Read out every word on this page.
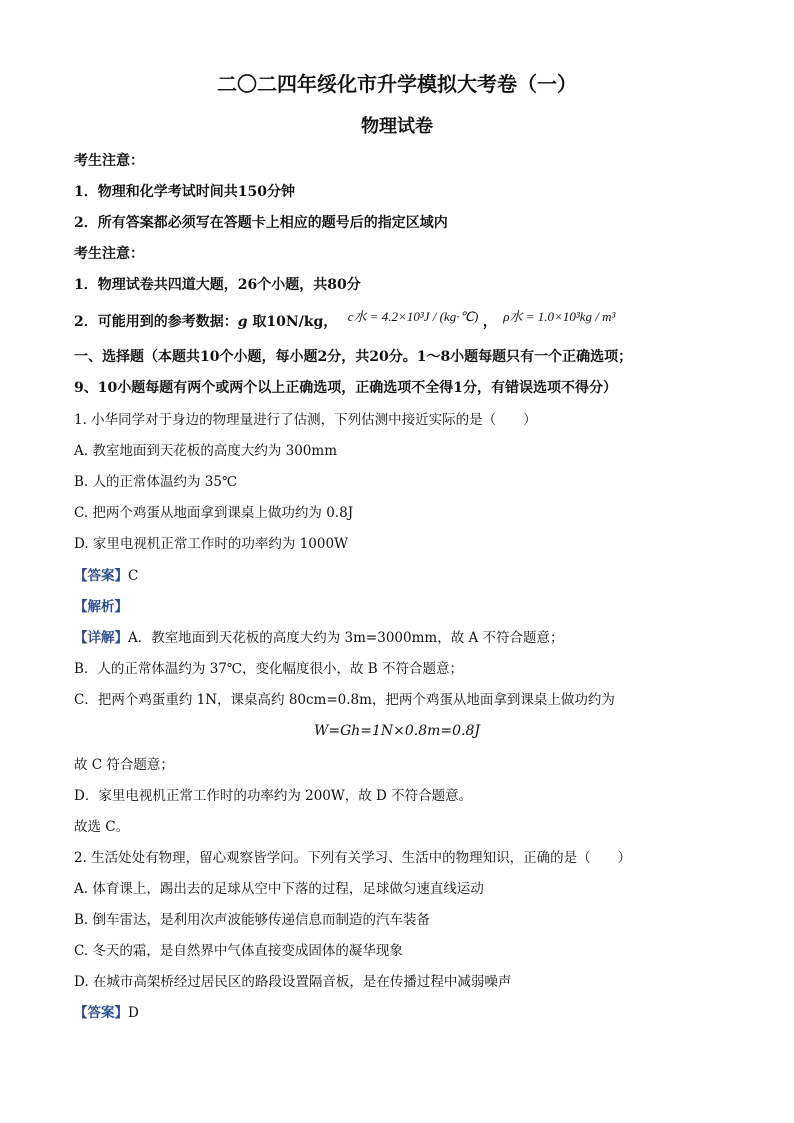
二〇二四年绥化市升学模拟大考卷（一）
物理试卷
考生注意：
1．物理和化学考试时间共150分钟
2．所有答案都必须写在答题卡上相应的题号后的指定区域内
考生注意：
1．物理试卷共四道大题，26个小题，共80分
2．可能用到的参考数据：g 取10N/kg， c水 = 4.2×10³J / (kg·℃) ， ρ水 = 1.0×10³kg / m³
一、选择题（本题共10个小题，每小题2分，共20分。1～8小题每题只有一个正确选项；
9、10小题每题有两个或两个以上正确选项，正确选项不全得1分，有错误选项不得分）
1. 小华同学对于身边的物理量进行了估测，下列估测中接近实际的是（　　）
A. 教室地面到天花板的高度大约为 300mm
B. 人的正常体温约为 35℃
C. 把两个鸡蛋从地面拿到课桌上做功约为 0.8J
D. 家里电视机正常工作时的功率约为 1000W
【答案】C
【解析】
【详解】A．教室地面到天花板的高度大约为 3m=3000mm，故 A 不符合题意；
B．人的正常体温约为 37℃，变化幅度很小，故 B 不符合题意；
C．把两个鸡蛋重约 1N，课桌高约 80cm=0.8m，把两个鸡蛋从地面拿到课桌上做功约为
W=Gh=1N×0.8m=0.8J
故 C 符合题意；
D．家里电视机正常工作时的功率约为 200W，故 D 不符合题意。
故选 C。
2. 生活处处有物理，留心观察皆学问。下列有关学习、生活中的物理知识，正确的是（　　）
A. 体育课上，踢出去的足球从空中下落的过程，足球做匀速直线运动
B. 倒车雷达，是利用次声波能够传递信息而制造的汽车装备
C. 冬天的霜，是自然界中气体直接变成固体的凝华现象
D. 在城市高架桥经过居民区的路段设置隔音板，是在传播过程中减弱噪声
【答案】D
